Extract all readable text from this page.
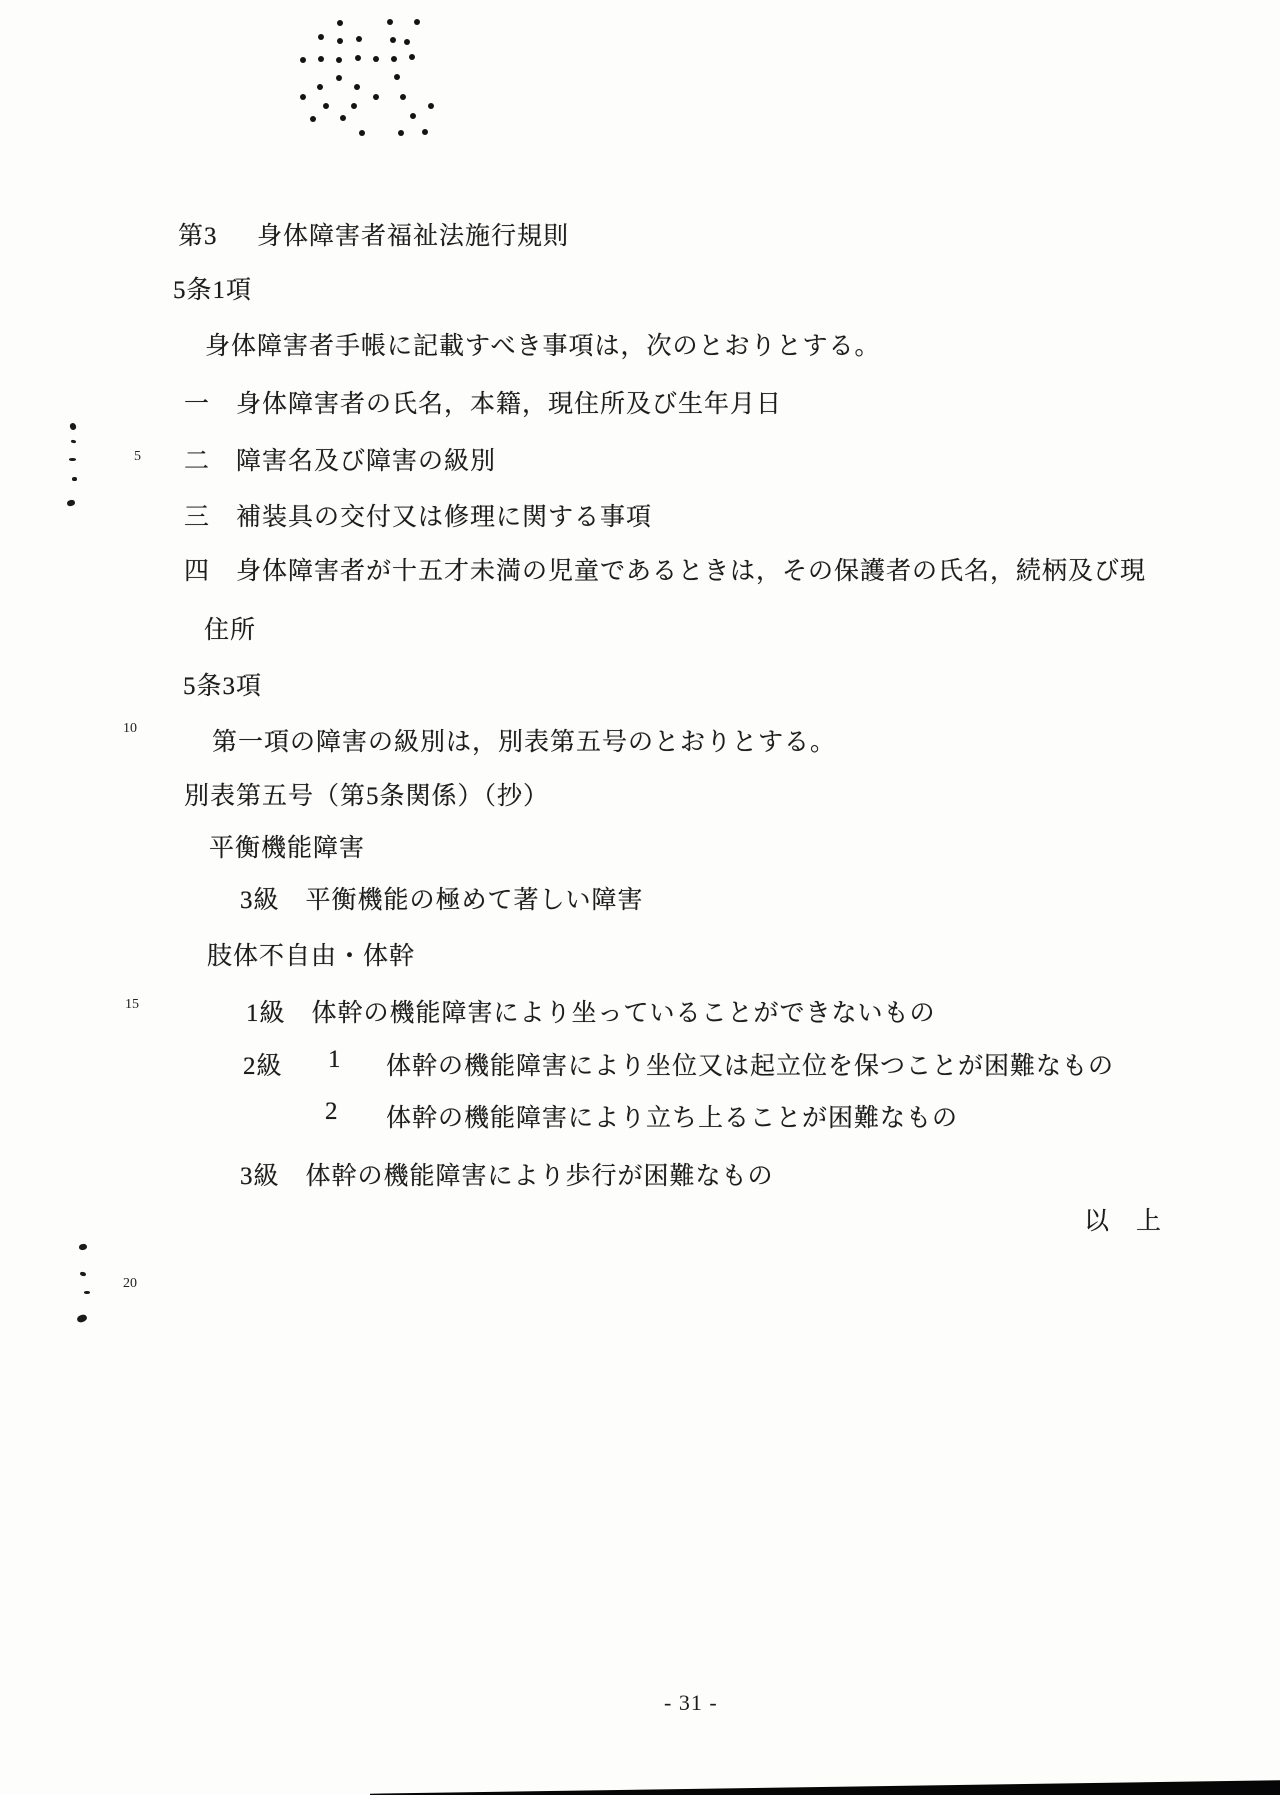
第3 身体障害者福祉法施行規則
5条1項
身体障害者手帳に記載すべき事項は，次のとおりとする。
一　身体障害者の氏名，本籍，現住所及び生年月日
二　障害名及び障害の級別
三　補装具の交付又は修理に関する事項
四　身体障害者が十五才未満の児童であるときは，その保護者の氏名，続柄及び現
住所
5条3項
第一項の障害の級別は，別表第五号のとおりとする。
別表第五号（第5条関係）（抄）
平衡機能障害
3級　平衡機能の極めて著しい障害
肢体不自由・体幹
1級　体幹の機能障害により坐っていることができないもの
2級 1 体幹の機能障害により坐位又は起立位を保つことが困難なもの
2 体幹の機能障害により立ち上ることが困難なもの
3級　体幹の機能障害により歩行が困難なもの
以　上
5
10
15
20
- 31 -
